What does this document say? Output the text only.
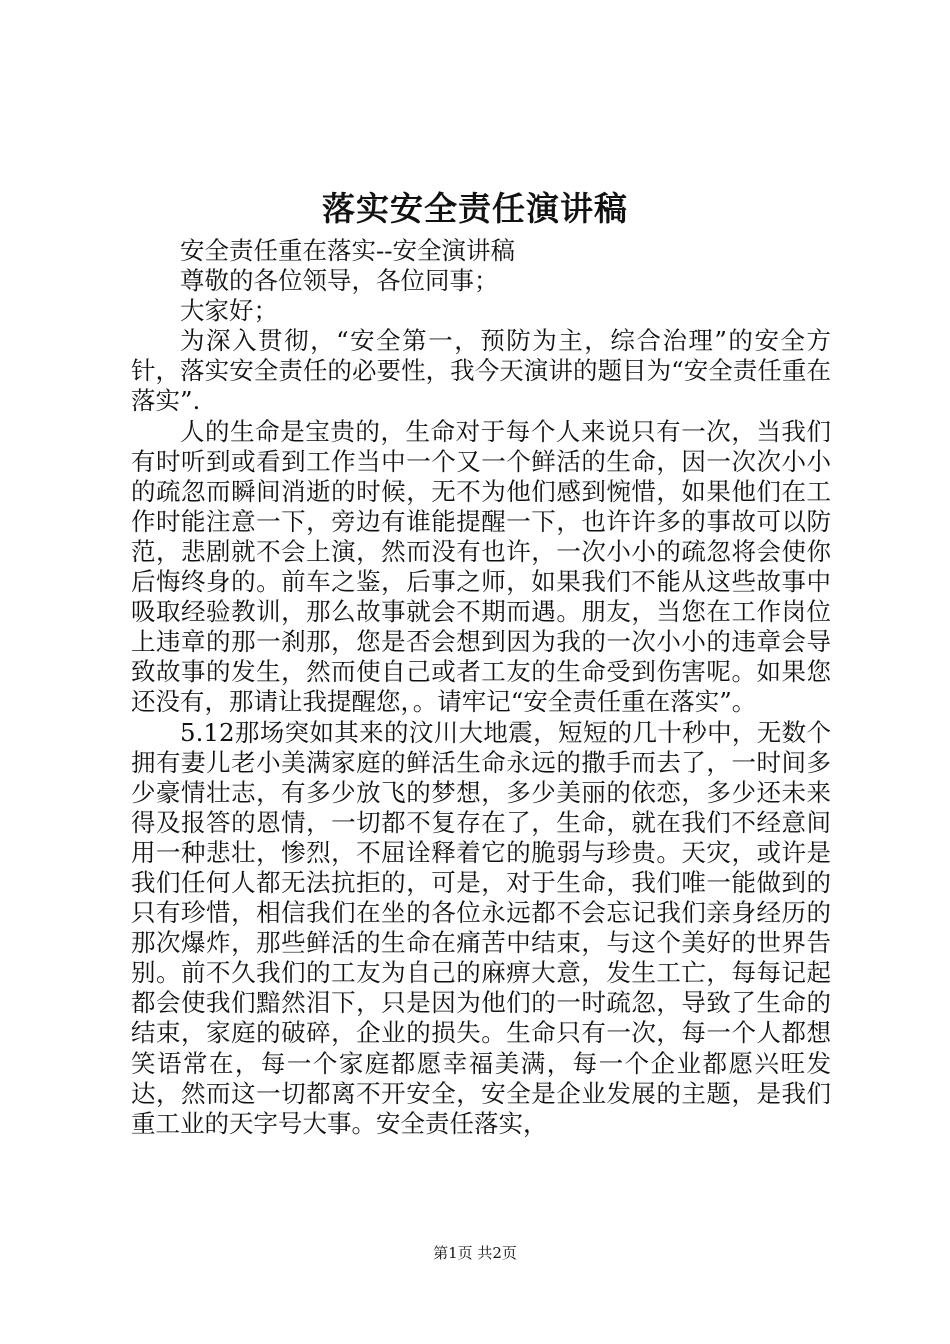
落实安全责任演讲稿

安全责任重在落实--安全演讲稿

尊敬的各位领导，各位同事；

大家好；

为深入贯彻，“安全第一，预防为主，综合治理”的安全方针，落实安全责任的必要性，我今天演讲的题目为“安全责任重在落实”.

人的生命是宝贵的，生命对于每个人来说只有一次，当我们有时听到或看到工作当中一个又一个鲜活的生命，因一次次小小的疏忽而瞬间消逝的时候，无不为他们感到惋惜，如果他们在工作时能注意一下，旁边有谁能提醒一下，也许许多的事故可以防范，悲剧就不会上演，然而没有也许，一次小小的疏忽将会使你后悔终身的。前车之鉴，后事之师，如果我们不能从这些故事中吸取经验教训，那么故事就会不期而遇。朋友，当您在工作岗位上违章的那一刹那，您是否会想到因为我的一次小小的违章会导致故事的发生，然而使自己或者工友的生命受到伤害呢。如果您还没有，那请让我提醒您，。请牢记“安全责任重在落实”。

5.12那场突如其来的汶川大地震，短短的几十秒中，无数个拥有妻儿老小美满家庭的鲜活生命永远的撒手而去了，一时间多少豪情壮志，有多少放飞的梦想，多少美丽的依恋，多少还未来得及报答的恩情，一切都不复存在了，生命，就在我们不经意间用一种悲壮，惨烈，不屈诠释着它的脆弱与珍贵。天灾，或许是我们任何人都无法抗拒的，可是，对于生命，我们唯一能做到的只有珍惜，相信我们在坐的各位永远都不会忘记我们亲身经历的那次爆炸，那些鲜活的生命在痛苦中结束，与这个美好的世界告别。前不久我们的工友为自己的麻痹大意，发生工亡，每每记起都会使我们黯然泪下，只是因为他们的一时疏忽，导致了生命的结束，家庭的破碎，企业的损失。生命只有一次，每一个人都想笑语常在，每一个家庭都愿幸福美满，每一个企业都愿兴旺发达，然而这一切都离不开安全，安全是企业发展的主题，是我们重工业的天字号大事。安全责任落实，

第1页 共2页
